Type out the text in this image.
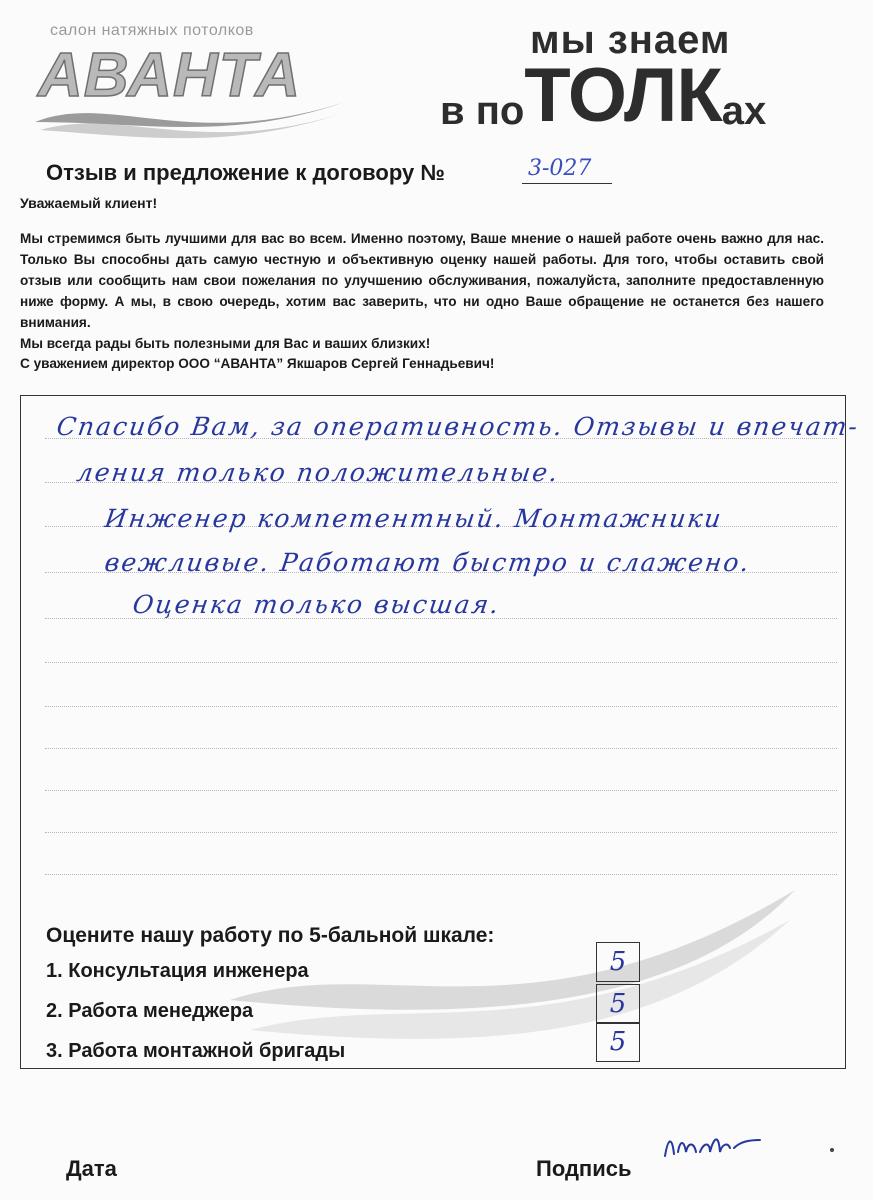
салон натяжных потолков
АВАНТА
мы знаем
в поТОЛКах
Отзыв и предложение к договору №	3-027
Уважаемый клиент!

Мы стремимся быть лучшими для вас во всем. Именно поэтому, Ваше мнение о нашей работе очень важно для нас. Только Вы способны дать самую честную и объективную оценку нашей работы. Для того, чтобы оставить свой отзыв или сообщить нам свои пожелания по улучшению обслуживания, пожалуйста, заполните предоставленную ниже форму. А мы, в свою очередь, хотим вас заверить, что ни одно Ваше обращение не останется без нашего внимания.

Мы всегда рады быть полезными для Вас и ваших близких!

С уважением директор ООО “АВАНТА” Якшаров Сергей Геннадьевич!
Спасибо Вам, за оперативность. Отзывы и впечат-
ления только положительные.
Инженер компетентный. Монтажники
вежливые. Работают быстро и слажено.
Оценка только высшая.
Оцените нашу работу по 5-бальной шкале:
1. Консультация инженера	5
2. Работа менеджера	5
3. Работа монтажной бригады	5
Дата	Подпись
